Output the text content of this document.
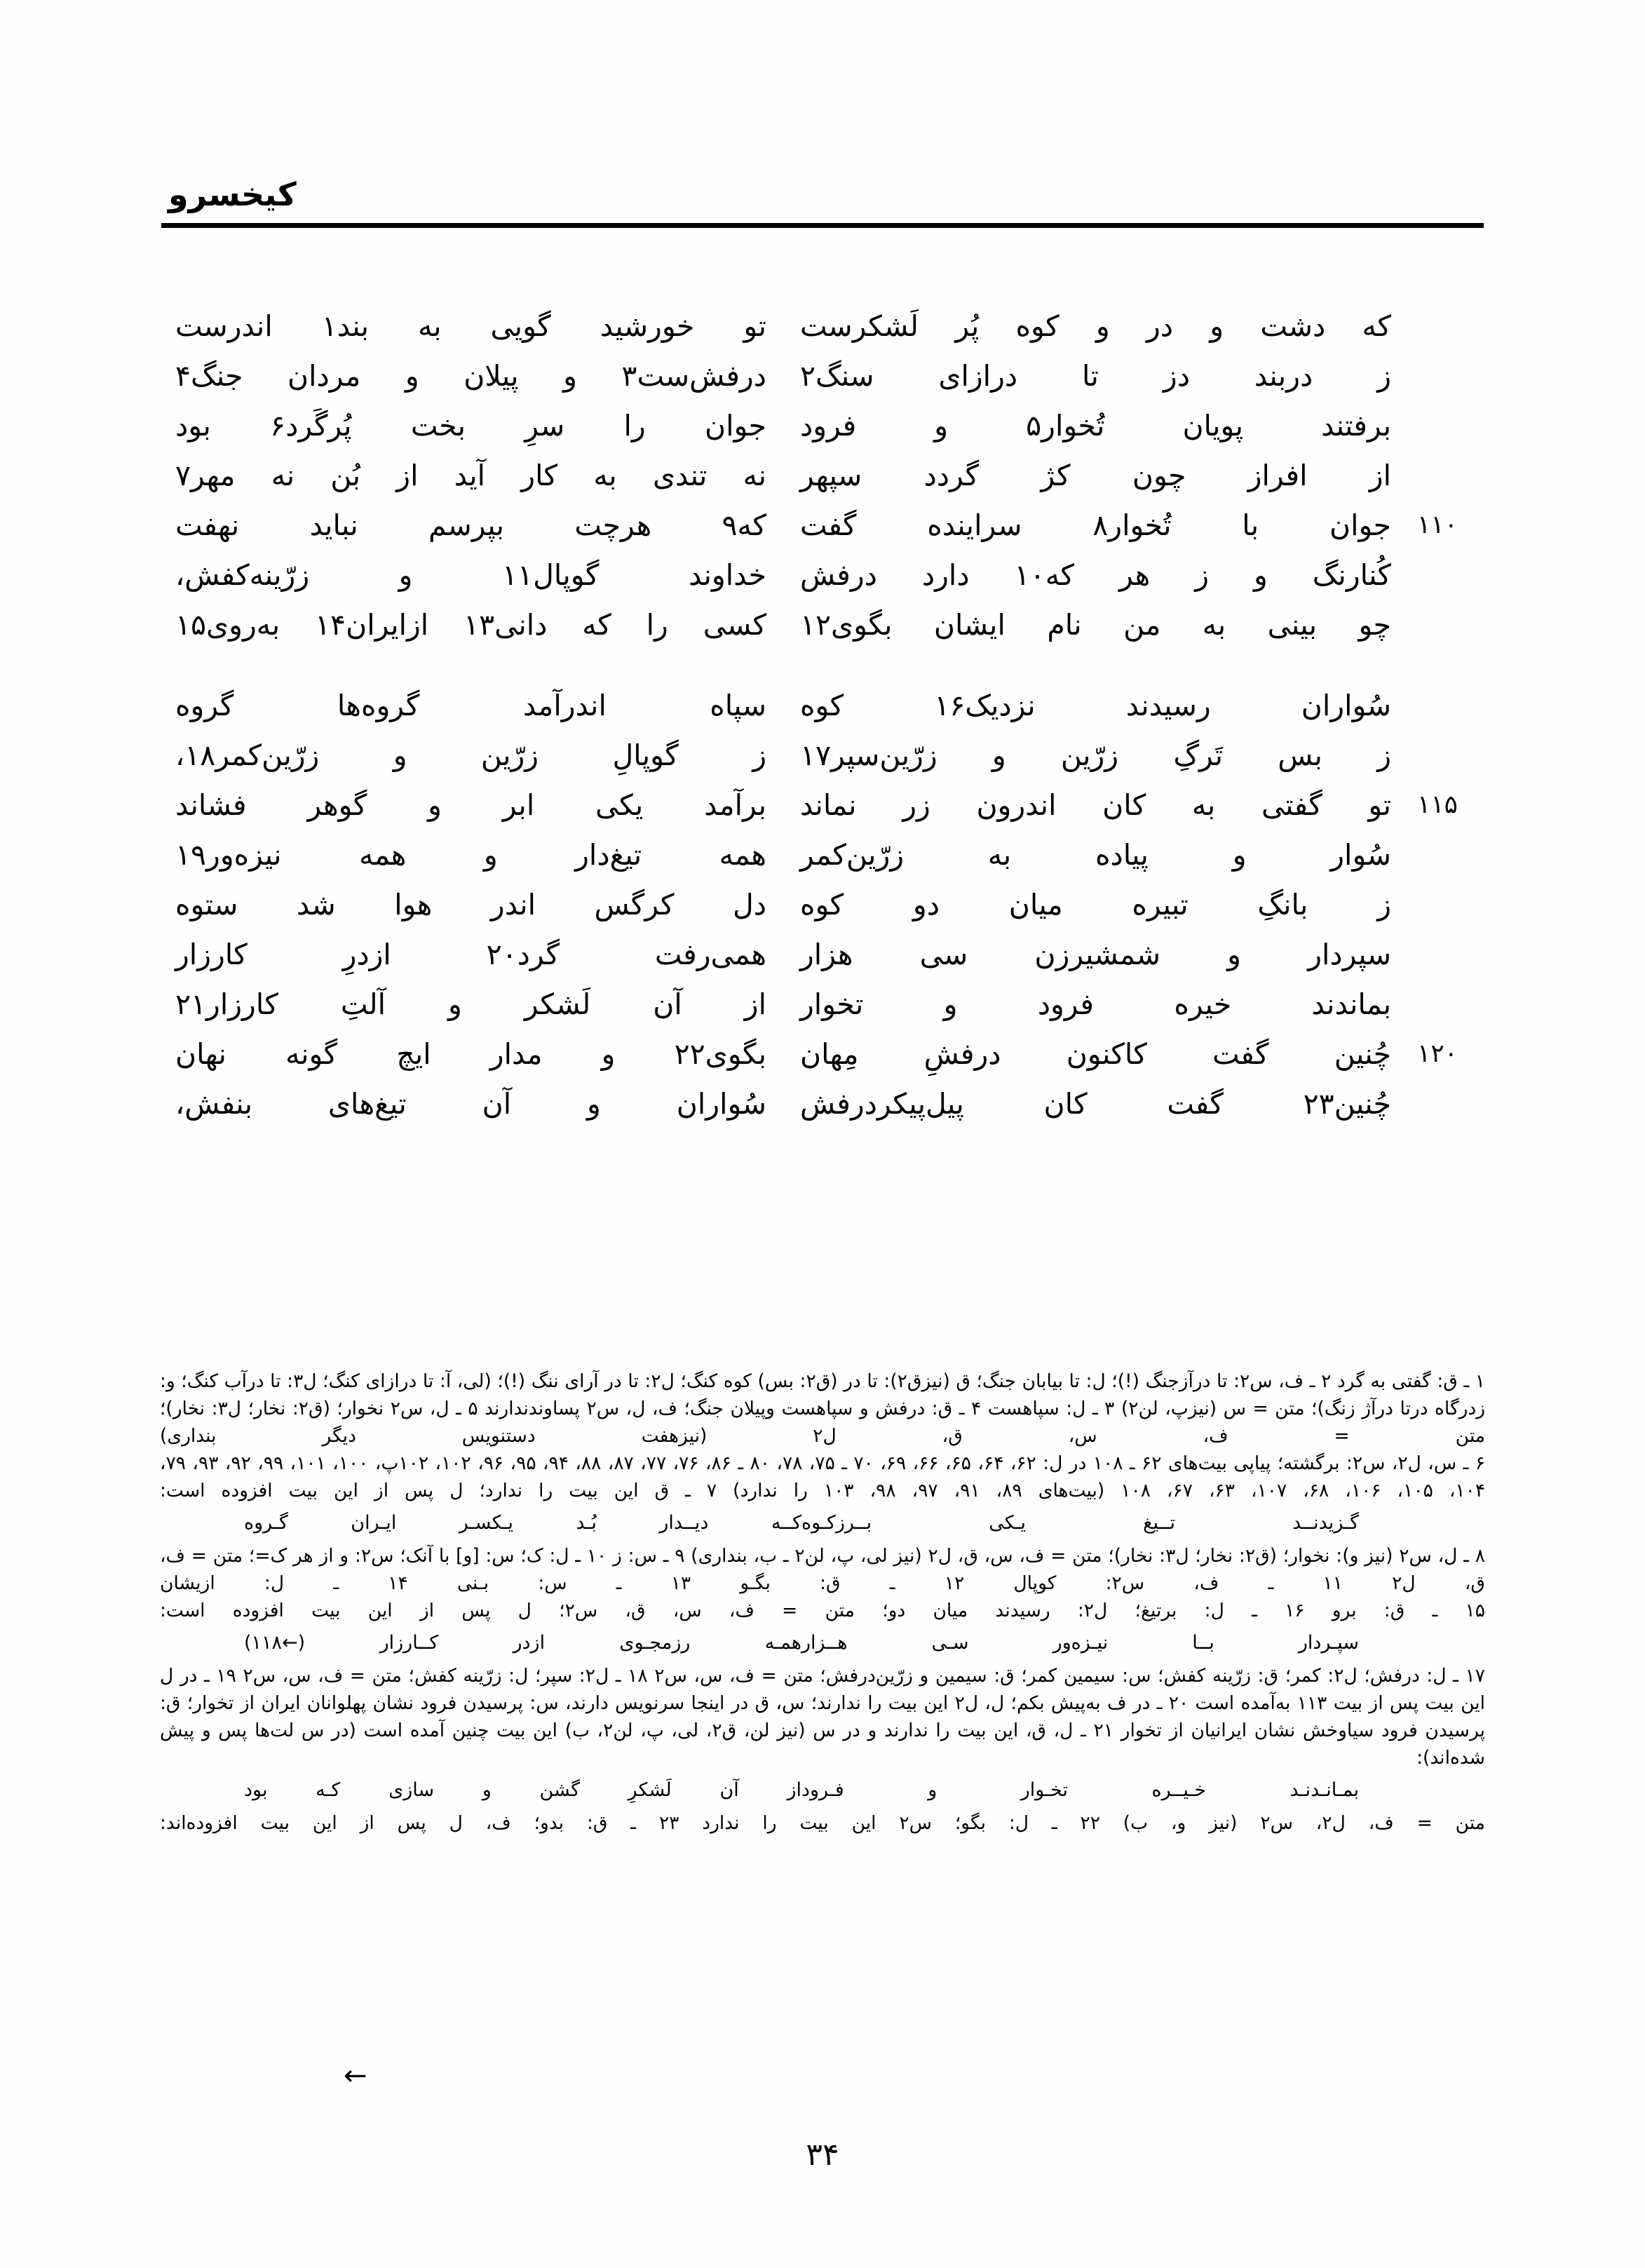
کیخسرو
که دشت و در و کوه پُر لَشکرست
تو خورشید گویی به بند۱ اندرست
ز دربند دز تا درازای سنگ۲
درفش‌ست۳ و پیلان و مردان جنگ۴
برفتند پویان تُخوار۵ و فرود
جوان را سرِ بخت پُرگَرد۶ بود
از افراز چون کژ گردد سپهر
نه تندی به کار آید از بُن نه مهر۷
۱۱۰
جوان با تُخوار۸ سراینده گفت
که۹ هرچت بپرسم نباید نهفت
کُنارنگ و ز هر که۱۰ دارد درفش
خداوند گوپال۱۱ و زرّینه‌کفش،
چو بینی به من نام ایشان بگوی۱۲
کسی را که دانی۱۳ ازایران۱۴ به‌روی۱۵
سُواران رسیدند نزدیک۱۶ کوه
سپاه اندرآمد گروه‌ها گروه
ز بس تَرگِ زرّین و زرّین‌سپر۱۷
ز گوپالِ زرّین و زرّین‌کمر۱۸،
۱۱۵
تو گفتی به کان اندرون زر نماند
برآمد یکی ابر و گوهر فشاند
سُوار و پیاده به زرّین‌کمر
همه تیغ‌دار و همه نیزه‌ور۱۹
ز بانگِ تبیره میان دو کوه
دل کرگس اندر هوا شد ستوه
سپردار و شمشیرزن سی هزار
همی‌رفت گرد۲۰ ازدرِ کارزار
بماندند خیره فرود و تخوار
از آن لَشکر و آلتِ کارزار۲۱
۱۲۰
چُنین گفت کاکنون درفشِ مِهان
بگوی۲۲ و مدار ایچ گونه نهان
چُنین۲۳ گفت کان پیل‌پیکردرفش
سُواران و آن تیغ‌های بنفش،

۱ ـ ق: گفتی به گرد ۲ ـ ف، س۲: تا درآزجنگ (!)؛ ل: تا بیابان جنگ؛ ق (نیزق۲): تا در (ق۲: بس) کوه کنگ؛ ل۲: تا در آرای ننگ (!)؛ (لی، آ: تا درازای کنگ؛ ل۳: تا درآب کنگ؛ و: زدرگاه درتا درآژ زنگ)؛ متن = س (نیزپ، لن۲) ۳ ـ ل: سپاهست ۴ ـ ق: درفش و سپاهست وپیلان جنگ؛ ف، ل، س۲ پساوندندارند ۵ ـ ل، س۲ نخوار؛ (ق۲: نخار؛ ل۳: نخار)؛ متن = ف، س، ق، ل۲ (نیزهفت دستنویس دیگر بنداری)

۶ ـ س، ل۲، س۲: برگشته؛ پیاپی بیت‌های ۶۲ ـ ۱۰۸ در ل: ۶۲، ۶۴، ۶۵، ۶۶، ۶۹، ۷۰ ـ ۷۵، ۷۸، ۸۰ ـ ۸۶، ۷۶، ۷۷، ۸۷، ۸۸، ۹۴، ۹۵، ۹۶، ۱۰۲، ۱۰۲پ، ۱۰۰، ۱۰۱، ۹۹، ۹۲، ۹۳، ۷۹، ۱۰۴، ۱۰۵، ۱۰۶، ۶۸، ۱۰۷، ۶۳، ۶۷، ۱۰۸ (بیت‌های ۸۹، ۹۱، ۹۷، ۹۸، ۱۰۳ را ندارد) ۷ ـ ق این بیت را ندارد؛ ل پس از این بیت افزوده است:

گـزیدنــد تــیغ یـکی بــرزکـوه
کــه دیــدار بُـد یـکسـر ایـران گـروه

۸ ـ ل، س۲ (نیز و): نخوار؛ (ق۲: نخار؛ ل۳: نخار)؛ متن = ف، س، ق، ل۲ (نیز لی، پ، لن۲ ـ ب، بنداری) ۹ ـ س: ز ۱۰ ـ ل: ک؛ س: [و] با آنک؛ س۲: و از هر ک=؛ متن = ف، ق، ل۲ ۱۱ ـ ف، س۲: کوپال ۱۲ ـ ق: بگـو ۱۳ ـ س: بـنی ۱۴ ـ ل: ازیشان

۱۵ ـ ق: برو ۱۶ ـ ل: برتیغ؛ ل۲: رسیدند میان دو؛ متن = ف، س، ق، س۲؛ ل پس از این بیت افزوده است:

سپـردار بــا نیـزه‌ور سـی هــزار
همـه رزمجـوی ازدر کــارزار (←۱۱۸)

۱۷ ـ ل: درفش؛ ل۲: کمر؛ ق: زرّینه کفش؛ س: سیمین کمر؛ ق: سیمین و زرّین‌درفش؛ متن = ف، س، س۲ ۱۸ ـ ل۲: سپر؛ ل: زرّینه کفش؛ متن = ف، س، س۲ ۱۹ ـ در ل این بیت پس از بیت ۱۱۳ به‌آمده است ۲۰ ـ در ف به‌پیش بکم؛ ل، ل۲ این بیت را ندارند؛ س، ق در اینجا سرنویس دارند، س: پرسیدن فرود نشان پهلوانان ایران از تخوار؛ ق: پرسیدن فرود سیاوخش نشان ایرانیان از تخوار ۲۱ ـ ل، ق، این بیت را ندارند و در س (نیز لن، ق۲، لی، پ، لن۲، ب) این بیت چنین آمده است (در س لت‌ها پس و پیش شده‌اند):

بمـانـدنـد خـیــره تخـوار و فـرود
از آن لَشکرِ گشن و سازی کـه بود

متن = ف، ل۲، س۲ (نیز و، ب) ۲۲ ـ ل: بگو؛ س۲ این بیت را ندارد ۲۳ ـ ق: بدو؛ ف، ل پس از این بیت افزوده‌اند:

←
۳۴
